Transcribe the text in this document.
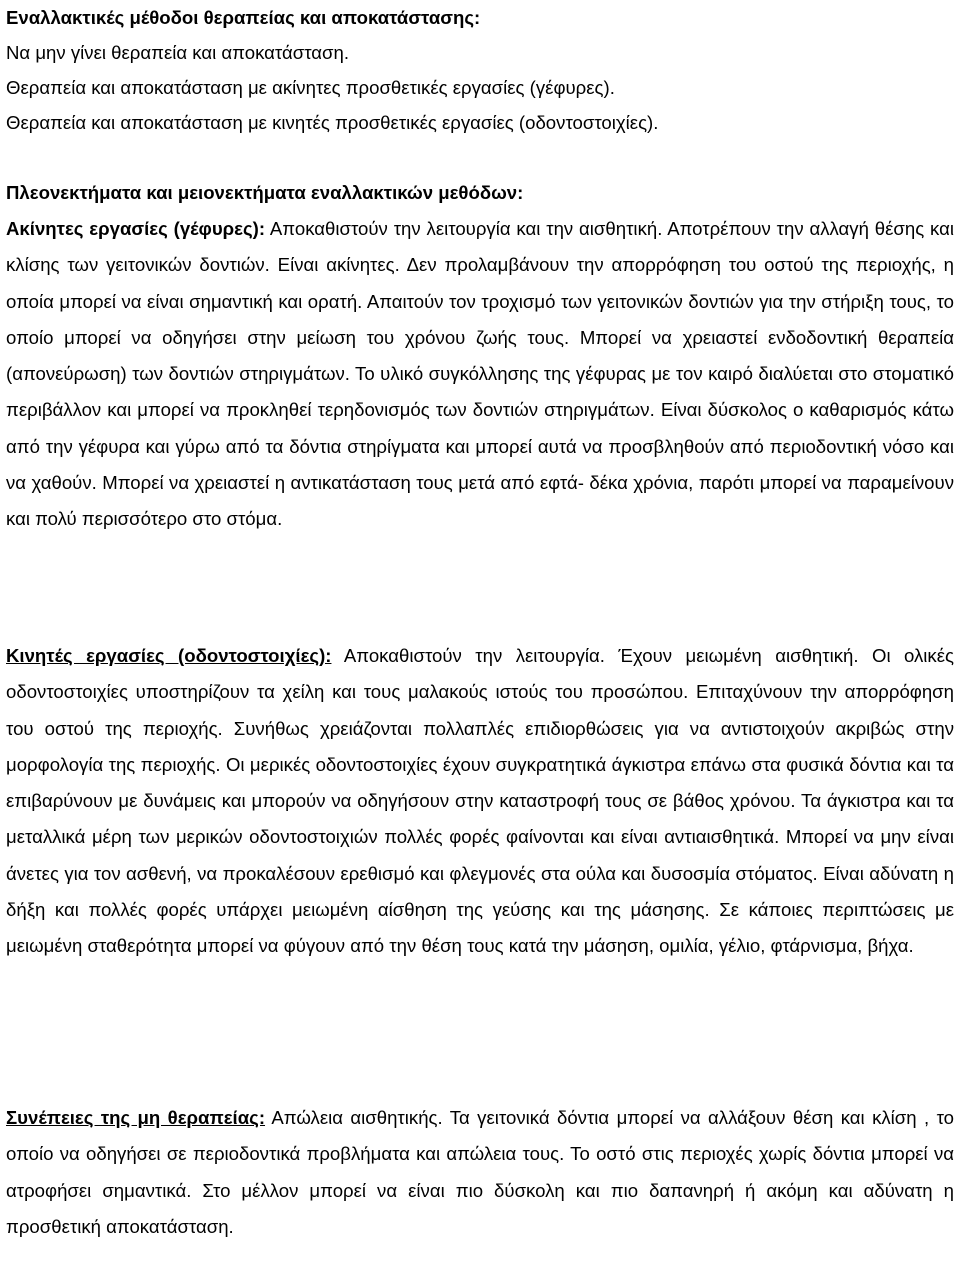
Εναλλακτικές μέθοδοι θεραπείας και αποκατάστασης:
Να μην γίνει θεραπεία και αποκατάσταση.
Θεραπεία και αποκατάσταση με ακίνητες προσθετικές εργασίες (γέφυρες).
Θεραπεία και αποκατάσταση με κινητές προσθετικές εργασίες (οδοντοστοιχίες).
Πλεονεκτήματα και μειονεκτήματα εναλλακτικών μεθόδων:

Ακίνητες εργασίες (γέφυρες): Αποκαθιστούν την λειτουργία και την αισθητική. Αποτρέπουν την αλλαγή θέσης και κλίσης των γειτονικών δοντιών. Είναι ακίνητες. Δεν προλαμβάνουν την απορρόφηση του οστού της περιοχής, η οποία μπορεί να είναι σημαντική και ορατή. Απαιτούν τον τροχισμό των γειτονικών δοντιών για την στήριξη τους, το οποίο μπορεί να οδηγήσει στην μείωση του χρόνου ζωής τους. Μπορεί να χρειαστεί ενδοδοντική θεραπεία (απονεύρωση) των δοντιών στηριγμάτων. Το υλικό συγκόλλησης της γέφυρας με τον καιρό διαλύεται στο στοματικό περιβάλλον και μπορεί να προκληθεί τερηδονισμός των δοντιών στηριγμάτων. Είναι δύσκολος ο καθαρισμός κάτω από την γέφυρα και γύρω από τα δόντια στηρίγματα και μπορεί αυτά να προσβληθούν από περιοδοντική νόσο και να χαθούν. Μπορεί να χρειαστεί η αντικατάσταση τους μετά από εφτά- δέκα χρόνια, παρότι μπορεί να παραμείνουν και πολύ περισσότερο στο στόμα.

Κινητές εργασίες (οδοντοστοιχίες): Αποκαθιστούν την λειτουργία. Έχουν μειωμένη αισθητική. Οι ολικές οδοντοστοιχίες υποστηρίζουν τα χείλη και τους μαλακούς ιστούς του προσώπου. Επιταχύνουν την απορρόφηση του οστού της περιοχής. Συνήθως χρειάζονται πολλαπλές επιδιορθώσεις για να αντιστοιχούν ακριβώς στην μορφολογία της περιοχής. Οι μερικές οδοντοστοιχίες έχουν συγκρατητικά άγκιστρα επάνω στα φυσικά δόντια και τα επιβαρύνουν με δυνάμεις και μπορούν να οδηγήσουν στην καταστροφή τους σε βάθος χρόνου. Τα άγκιστρα και τα μεταλλικά μέρη των μερικών οδοντοστοιχιών πολλές φορές φαίνονται και είναι αντιαισθητικά. Μπορεί να μην είναι άνετες για τον ασθενή, να προκαλέσουν ερεθισμό και φλεγμονές στα ούλα και δυσοσμία στόματος. Είναι αδύνατη η δήξη και πολλές φορές υπάρχει μειωμένη αίσθηση της γεύσης και της μάσησης. Σε κάποιες περιπτώσεις με μειωμένη σταθερότητα μπορεί να φύγουν από την θέση τους κατά την μάσηση, ομιλία, γέλιο, φτάρνισμα, βήχα.

Συνέπειες της μη θεραπείας: Απώλεια αισθητικής. Τα γειτονικά δόντια μπορεί να αλλάξουν θέση και κλίση , το οποίο να οδηγήσει σε περιοδοντικά προβλήματα και απώλεια τους. Το οστό στις περιοχές χωρίς δόντια μπορεί να ατροφήσει σημαντικά. Στο μέλλον μπορεί να είναι πιο δύσκολη και πιο δαπανηρή ή ακόμη και αδύνατη η προσθετική αποκατάσταση.
